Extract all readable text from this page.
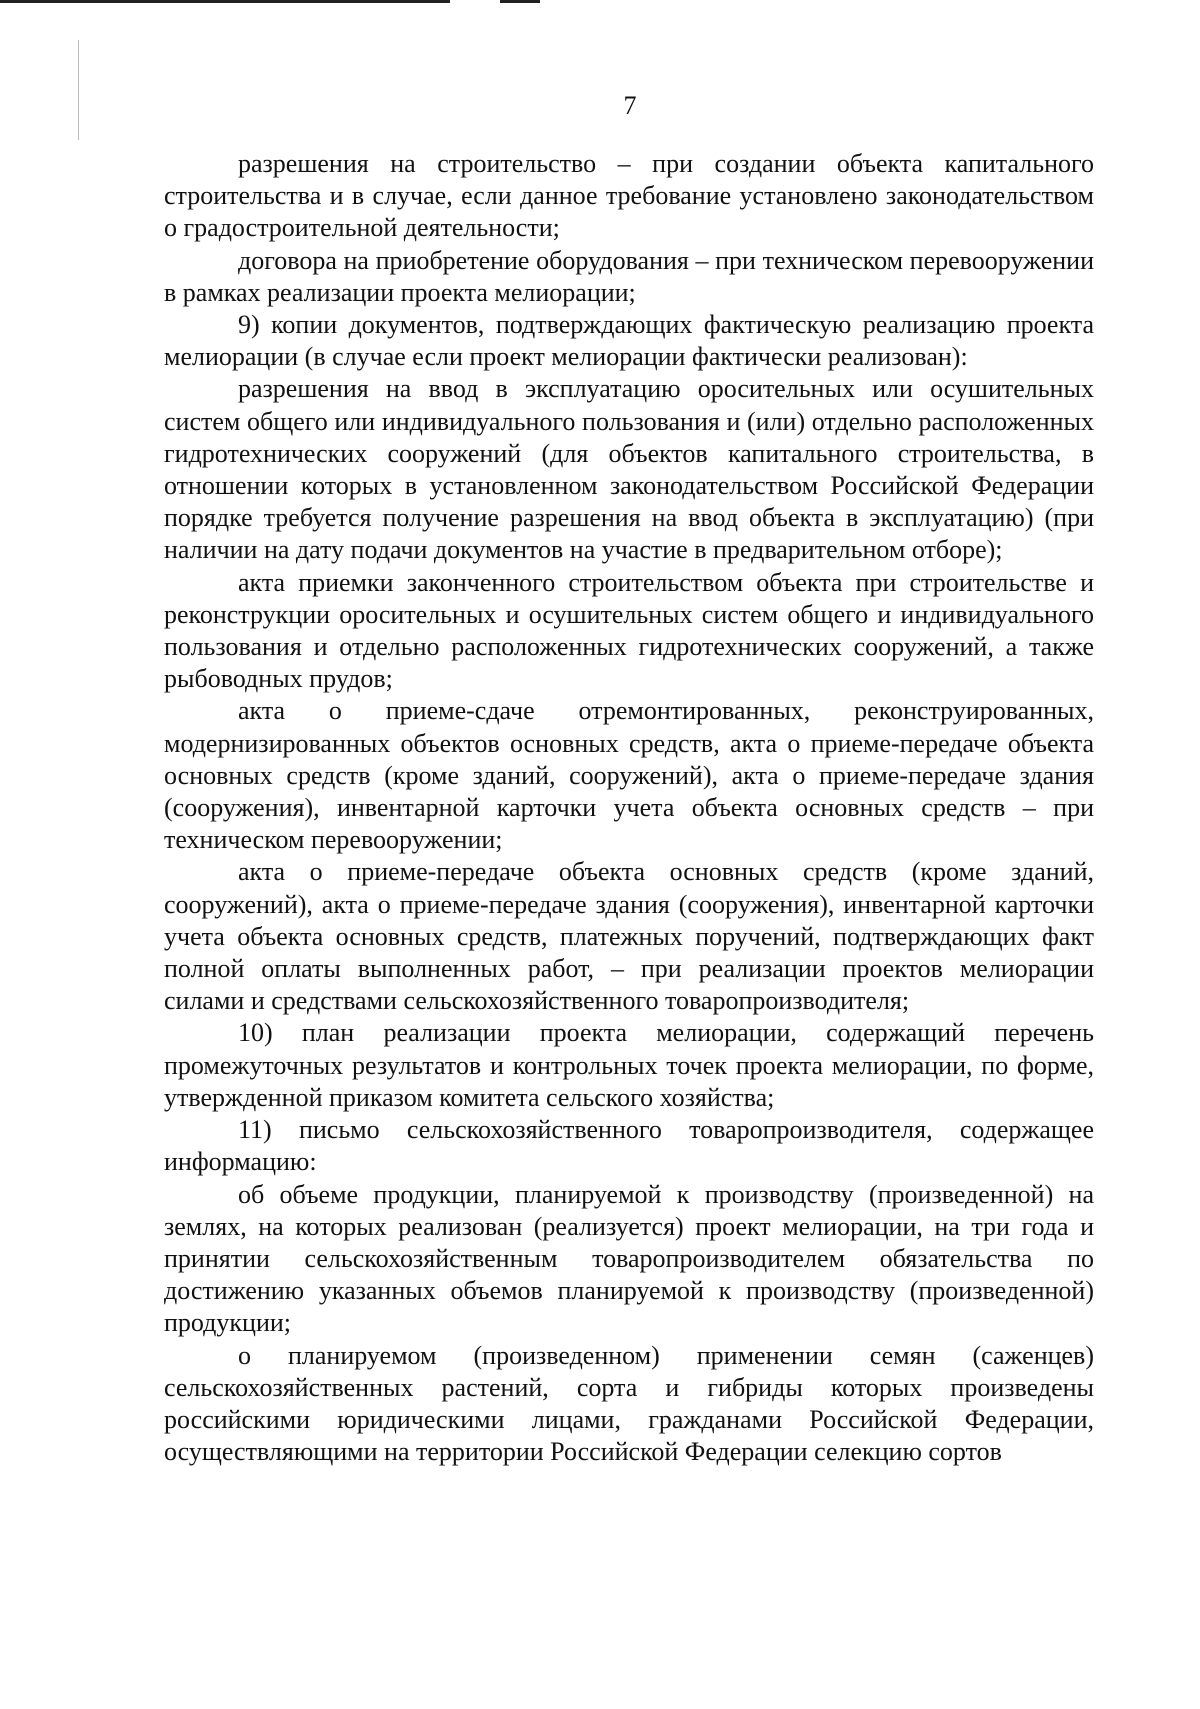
7

разрешения на строительство – при создании объекта капитального строительства и в случае, если данное требование установлено законодательством о градостроительной деятельности;

договора на приобретение оборудования – при техническом перевооружении в рамках реализации проекта мелиорации;

9) копии документов, подтверждающих фактическую реализацию проекта мелиорации (в случае если проект мелиорации фактически реализован):

разрешения на ввод в эксплуатацию оросительных или осушительных систем общего или индивидуального пользования и (или) отдельно расположенных гидротехнических сооружений (для объектов капитального строительства, в отношении которых в установленном законодательством Российской Федерации порядке требуется получение разрешения на ввод объекта в эксплуатацию) (при наличии на дату подачи документов на участие в предварительном отборе);

акта приемки законченного строительством объекта при строительстве и реконструкции оросительных и осушительных систем общего и индивидуального пользования и отдельно расположенных гидротехнических сооружений, а также рыбоводных прудов;

акта о приеме-сдаче отремонтированных, реконструированных, модернизированных объектов основных средств, акта о приеме-передаче объекта основных средств (кроме зданий, сооружений), акта о приеме-передаче здания (сооружения), инвентарной карточки учета объекта основных средств – при техническом перевооружении;

акта о приеме-передаче объекта основных средств (кроме зданий, сооружений), акта о приеме-передаче здания (сооружения), инвентарной карточки учета объекта основных средств, платежных поручений, подтверждающих факт полной оплаты выполненных работ, – при реализации проектов мелиорации силами и средствами сельскохозяйственного товаропроизводителя;

10) план реализации проекта мелиорации, содержащий перечень промежуточных результатов и контрольных точек проекта мелиорации, по форме, утвержденной приказом комитета сельского хозяйства;

11) письмо сельскохозяйственного товаропроизводителя, содержащее информацию:

об объеме продукции, планируемой к производству (произведенной) на землях, на которых реализован (реализуется) проект мелиорации, на три года и принятии сельскохозяйственным товаропроизводителем обязательства по достижению указанных объемов планируемой к производству (произведенной) продукции;

о планируемом (произведенном) применении семян (саженцев) сельскохозяйственных растений, сорта и гибриды которых произведены российскими юридическими лицами, гражданами Российской Федерации, осуществляющими на территории Российской Федерации селекцию сортов
